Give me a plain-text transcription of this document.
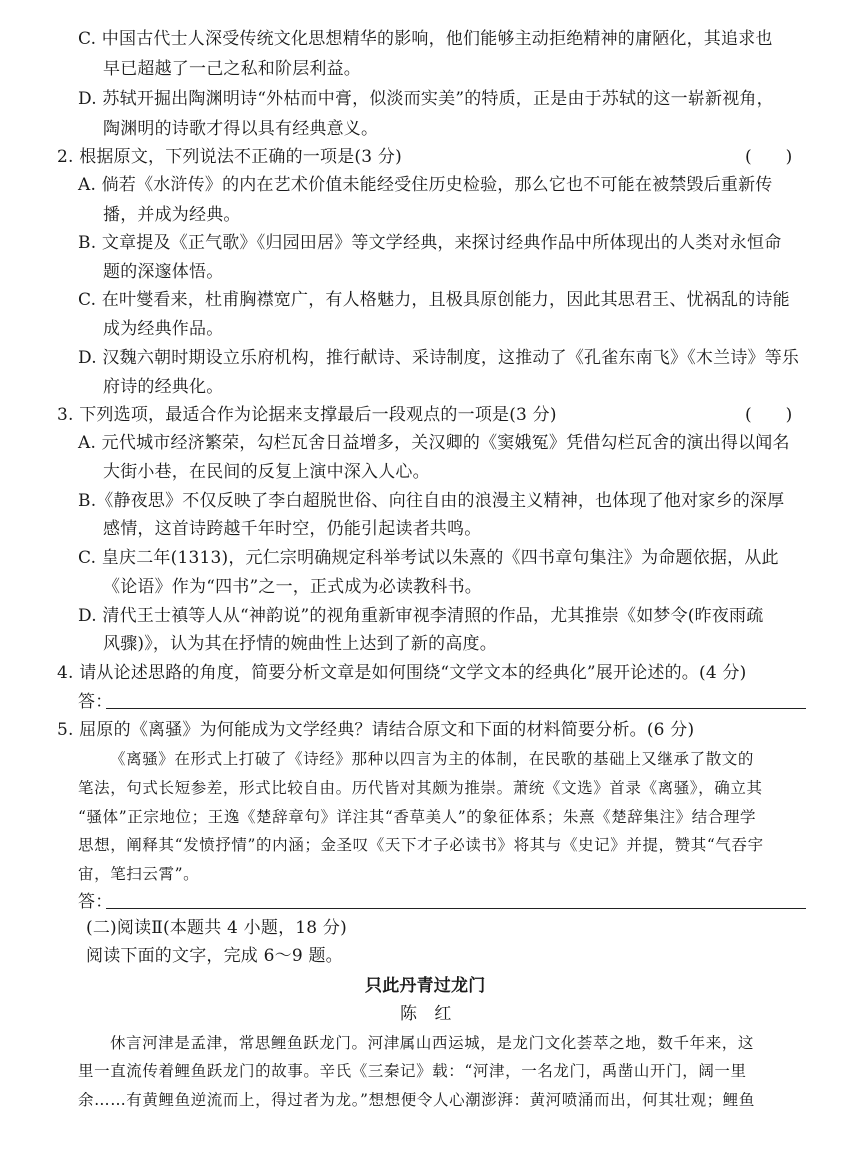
C. 中国古代士人深受传统文化思想精华的影响，他们能够主动拒绝精神的庸陋化，其追求也
早已超越了一己之私和阶层利益。
D. 苏轼开掘出陶渊明诗“外枯而中膏，似淡而实美”的特质，正是由于苏轼的这一崭新视角，
陶渊明的诗歌才得以具有经典意义。
2. 根据原文，下列说法不正确的一项是(3 分)	(　　)
A. 倘若《水浒传》的内在艺术价值未能经受住历史检验，那么它也不可能在被禁毁后重新传
播，并成为经典。
B. 文章提及《正气歌》《归园田居》等文学经典，来探讨经典作品中所体现出的人类对永恒命
题的深邃体悟。
C. 在叶燮看来，杜甫胸襟宽广，有人格魅力，且极具原创能力，因此其思君王、忧祸乱的诗能
成为经典作品。
D. 汉魏六朝时期设立乐府机构，推行献诗、采诗制度，这推动了《孔雀东南飞》《木兰诗》等乐
府诗的经典化。
3. 下列选项，最适合作为论据来支撑最后一段观点的一项是(3 分)	(　　)
A. 元代城市经济繁荣，勾栏瓦舍日益增多，关汉卿的《窦娥冤》凭借勾栏瓦舍的演出得以闻名
大街小巷，在民间的反复上演中深入人心。
B.《静夜思》不仅反映了李白超脱世俗、向往自由的浪漫主义精神，也体现了他对家乡的深厚
感情，这首诗跨越千年时空，仍能引起读者共鸣。
C. 皇庆二年(1313)，元仁宗明确规定科举考试以朱熹的《四书章句集注》为命题依据，从此
《论语》作为“四书”之一，正式成为必读教科书。
D. 清代王士禛等人从“神韵说”的视角重新审视李清照的作品，尤其推崇《如梦令(昨夜雨疏
风骤)》，认为其在抒情的婉曲性上达到了新的高度。
4. 请从论述思路的角度，简要分析文章是如何围绕“文学文本的经典化”展开论述的。(4 分)
答：
5. 屈原的《离骚》为何能成为文学经典？请结合原文和下面的材料简要分析。(6 分)
《离骚》在形式上打破了《诗经》那种以四言为主的体制，在民歌的基础上又继承了散文的
笔法，句式长短参差，形式比较自由。历代皆对其颇为推崇。萧统《文选》首录《离骚》，确立其
“骚体”正宗地位；王逸《楚辞章句》详注其“香草美人”的象征体系；朱熹《楚辞集注》结合理学
思想，阐释其“发愤抒情”的内涵；金圣叹《天下才子必读书》将其与《史记》并提，赞其“气吞宇
宙，笔扫云霄”。
答：
(二)阅读Ⅱ(本题共 4 小题，18 分)
阅读下面的文字，完成 6～9 题。
只此丹青过龙门
陈　红
休言河津是孟津，常思鲤鱼跃龙门。河津属山西运城，是龙门文化荟萃之地，数千年来，这
里一直流传着鲤鱼跃龙门的故事。辛氏《三秦记》载：“河津，一名龙门，禹凿山开门，阔一里
余……有黄鲤鱼逆流而上，得过者为龙。”想想便令人心潮澎湃：黄河喷涌而出，何其壮观；鲤鱼
